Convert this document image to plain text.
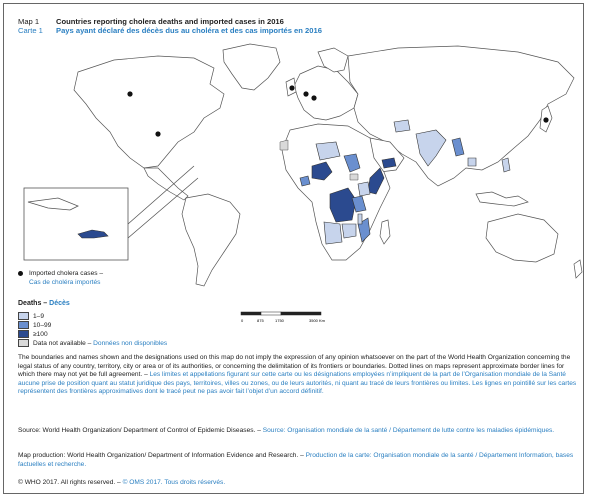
Map 1 Countries reporting cholera deaths and imported cases in 2016
Carte 1 Pays ayant déclaré des décès dus au choléra et des cas importés en 2016
Imported cholera cases –
Cas de choléra importés
Deaths – Décès
1–9
10–99
≥100
Data not available – Données non disponibles
0	875	1750	3500 Km
The boundaries and names shown and the designations used on this map do not imply the expression of any opinion whatsoever on the part of the World Health Organization concerning the legal status of any country, territory, city or area or of its authorities, or concerning the delimitation of its frontiers or boundaries. Dotted lines on maps represent approximate border lines for which there may not yet be full agreement. – Les limites et appellations figurant sur cette carte ou les désignations employées n’impliquent de la part de l’Organisation mondiale de la Santé aucune prise de position quant au statut juridique des pays, territoires, villes ou zones, ou de leurs autorités, ni quant au tracé de leurs frontières ou limites. Les lignes en pointillé sur les cartes représentent des frontières approximatives dont le tracé peut ne pas avoir fait l’objet d’un accord définitif.
Source: World Health Organization/ Department of Control of Epidemic Diseases. – Source: Organisation mondiale de la santé / Département de lutte contre les maladies épidémiques.
Map production: World Health Organization/ Department of Information Evidence and Research. – Production de la carte: Organisation mondiale de la santé / Département Information, bases factuelles et recherche.
© WHO 2017. All rights reserved. – © OMS 2017. Tous droits réservés.
